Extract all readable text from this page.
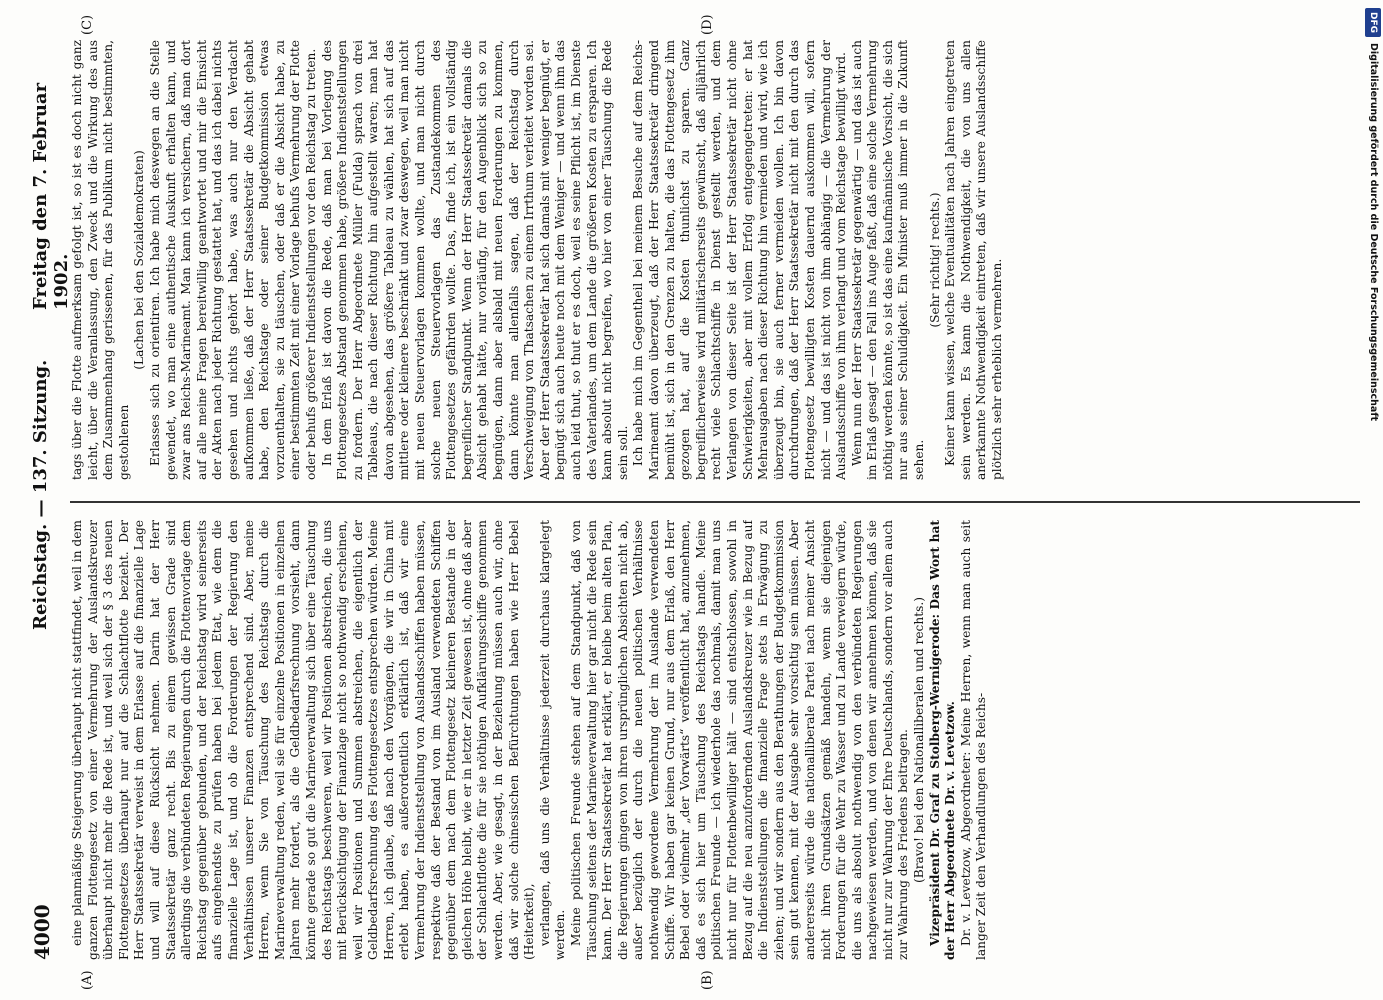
4000
Reichstag. — 137. Sitzung.
Freitag den 7. Februar 1902.
(A)	(B)
(C)	(D)

eine planmäßige Steigerung überhaupt nicht stattfindet, weil in dem ganzen Flottengesetz von einer Vermehrung der Auslandskreuzer überhaupt nicht mehr die Rede ist, und weil sich der § 3 des neuen Flottengesetzes überhaupt nur auf die Schlachtflotte bezieht. Der Herr Staatssekretär verweist in dem Erlasse auf die finanzielle Lage und will auf diese Rücksicht nehmen. Darin hat der Herr Staatssekretär ganz recht. Bis zu einem gewissen Grade sind allerdings die verbündeten Regierungen durch die Flottenvorlage dem Reichstag gegenüber gebunden, und der Reichstag wird seinerseits aufs eingehendste zu prüfen haben bei jedem Etat, wie dem die finanzielle Lage ist, und ob die Forderungen der Regierung den Verhältnissen unserer Finanzen entsprechend sind. Aber, meine Herren, wenn Sie von Täuschung des Reichstags durch die Marineverwaltung reden, weil sie für einzelne Positionen in einzelnen Jahren mehr fordert, als die Geldbedarfsrechnung vorsieht, dann könnte gerade so gut die Marineverwaltung sich über eine Täuschung des Reichstags beschweren, weil wir Positionen abstreichen, die uns mit Berücksichtigung der Finanzlage nicht so nothwendig erscheinen, weil wir Positionen und Summen abstreichen, die eigentlich der Geldbedarfsrechnung des Flottengesetzes entsprechen würden. Meine Herren, ich glaube, daß nach den Vorgängen, die wir in China mit erlebt haben, es außerordentlich erklärlich ist, daß wir eine Vermehrung der Indienststellung von Auslandsschiffen haben müssen, respektive daß der Bestand von im Ausland verwendeten Schiffen gegenüber dem nach dem Flottengesetz kleineren Bestande in der gleichen Höhe bleibt, wie er in letzter Zeit gewesen ist, ohne daß aber der Schlachtflotte die für sie nöthigen Aufklärungsschiffe genommen werden. Aber, wie gesagt, in der Beziehung müssen auch wir, ohne daß wir solche chinesischen Befürchtungen haben wie Herr Bebel (Heiterkeit), verlangen, daß uns die Verhältnisse jederzeit durchaus klargelegt werden. Meine politischen Freunde stehen auf dem Standpunkt, daß von Täuschung seitens der Marineverwaltung hier gar nicht die Rede sein kann. Der Herr Staatssekretär hat erklärt, er bleibe beim alten Plan, die Regierungen gingen von ihren ursprünglichen Absichten nicht ab, außer bezüglich der durch die neuen politischen Verhältnisse nothwendig gewordene Vermehrung der im Auslande verwendeten Schiffe. Wir haben gar keinen Grund, nur aus dem Erlaß, den Herr Bebel oder vielmehr „der Vorwärts“ veröffentlicht hat, anzunehmen, daß es sich hier um Täuschung des Reichstags handle. Meine politischen Freunde — ich wiederhole das nochmals, damit man uns nicht nur für Flottenbewilliger hält — sind entschlossen, sowohl in Bezug auf die neu anzufordernden Auslandskreuzer wie in Bezug auf die Indienststellungen die finanzielle Frage stets in Erwägung zu ziehen; und wir sondern aus den Berathungen der Budgetkommission sein gut kennen, mit der Ausgabe sehr vorsichtig sein müssen. Aber andererseits würde die nationalliberale Partei nach meiner Ansicht nicht ihren Grundsätzen gemäß handeln, wenn sie diejenigen Forderungen für die Wehr zu Wasser und zu Lande verweigern würde, die uns als absolut nothwendig von den verbündeten Regierungen nachgewiesen werden, und von denen wir annehmen können, daß sie nicht nur zur Wahrung der Ehre Deutschlands, sondern vor allem auch zur Wahrung des Friedens beitragen. (Bravo! bei den Nationalliberalen und rechts.) Vizepräsident Dr. Graf zu Stolberg-Wernigerode: Das Wort hat der Herr Abgeordnete Dr. v. Levetzow. Dr. v. Levetzow, Abgeordneter: Meine Herren, wenn man auch seit langer Zeit den Verhandlungen des Reichs-

tags über die Flotte aufmerksam gefolgt ist, so ist es doch nicht ganz leicht, über die Veranlassung, den Zweck und die Wirkung des aus dem Zusammenhang gerissenen, für das Publikum nicht bestimmten, gestohlenen

(Lachen bei den Sozialdemokraten) Erlasses sich zu orientiren. Ich habe mich deswegen an die Stelle gewendet, wo man eine authentische Auskunft erhalten kann, und zwar ans Reichs-Marineamt. Man kann ich versichern, daß man dort auf alle meine Fragen bereitwillig geantwortet und mir die Einsicht der Akten nach jeder Richtung gestattet hat, und das ich dabei nichts gesehen und nichts gehört habe, was auch nur den Verdacht aufkommen ließe, daß der Herr Staatssekretär die Absicht gehabt habe, den Reichstage oder seiner Budgetkommission etwas vorzuenthalten, sie zu täuschen, oder daß er die Absicht habe, zu einer bestimmten Zeit mit einer Vorlage behufs Vermehrung der Flotte oder behufs größerer Indienststellungen vor den Reichstag zu treten. In dem Erlaß ist davon die Rede, daß man bei Vorlegung des Flottengesetzes Abstand genommen habe, größere Indienststellungen zu fordern. Der Herr Abgeordnete Müller (Fulda) sprach von drei Tableaus, die nach dieser Richtung hin aufgestellt waren; man hat davon abgesehen, das größere Tableau zu wählen, hat sich auf das mittlere oder kleinere beschränkt und zwar deswegen, weil man nicht mit neuen Steuervorlagen kommen wollte, und man nicht durch solche neuen Steuervorlagen das Zustandekommen des Flottengesetzes gefährden wollte. Das, finde ich, ist ein vollständig begreiflicher Standpunkt. Wenn der Herr Staatssekretär damals die Absicht gehabt hätte, nur vorläufig, für den Augenblick sich so zu begnügen, dann aber alsbald mit neuen Forderungen zu kommen, dann könnte man allenfalls sagen, daß der Reichstag durch Verschweigung von Thatsachen zu einem Irrthum verleitet worden sei. Aber der Herr Staatssekretär hat sich damals mit weniger begnügt, er begnügt sich auch heute noch mit dem Weniger — und wenn ihm das auch leid thut, so thut er es doch, weil es seine Pflicht ist, im Dienste des Vaterlandes, um dem Lande die größeren Kosten zu ersparen. Ich kann absolut nicht begreifen, wo hier von einer Täuschung die Rede sein soll. Ich habe mich im Gegentheil bei meinem Besuche auf dem Reichs-Marineamt davon überzeugt, daß der Herr Staatssekretär dringend bemüht ist, sich in den Grenzen zu halten, die das Flottengesetz ihm gezogen hat, auf die Kosten thunlichst zu sparen. Ganz begreiflicherweise wird militärischerseits gewünscht, daß alljährlich recht viele Schlachtschiffe in Dienst gestellt werden, und dem Verlangen von dieser Seite ist der Herr Staatssekretär nicht ohne Schwierigkeiten, aber mit vollem Erfolg entgegengetreten: er hat Mehrausgaben nach dieser Richtung hin vermieden und wird, wie ich überzeugt bin, sie auch ferner vermeiden wollen. Ich bin davon durchdrungen, daß der Herr Staatssekretär nicht mit den durch das Flottengesetz bewilligten Kosten dauernd auskommen will, sofern nicht — und das ist nicht von ihm abhängig — die Vermehrung der Auslandsschiffe von ihm verlangt und vom Reichstage bewilligt wird. Wenn nun der Herr Staatssekretär gegenwärtig — und das ist auch im Erlaß gesagt — den Fall ins Auge faßt, daß eine solche Vermehrung nöthig werden könnte, so ist das eine kaufmännische Vorsicht, die sich nur aus seiner Schuldigkeit. Ein Minister muß immer in die Zukunft sehen.

(Sehr richtig! rechts.) Keiner kann wissen, welche Eventualitäten nach Jahren eingetreten sein werden. Es kann die Nothwendigkeit, die von uns allen anerkannte Nothwendigkeit eintreten, daß wir unsere Auslandsschiffe plötzlich sehr erheblich vermehren.

DFGDigitalisierung gefördert durch die Deutsche Forschungsgemeinschaft
